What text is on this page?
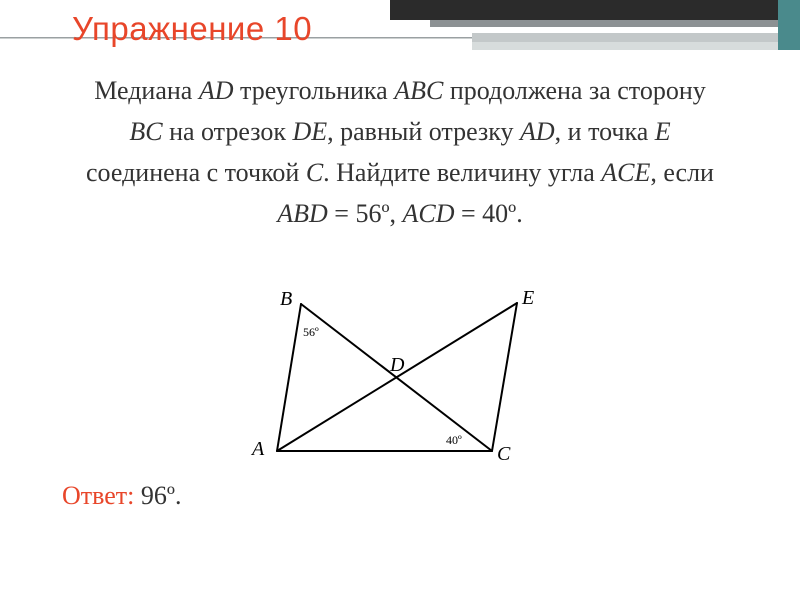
Упражнение 10
Медиана AD треугольника ABC продолжена за сторону
BC на отрезок DE, равный отрезку AD, и точка E
соединена с точкой C. Найдите величину угла ACE, если
ABD = 56º, ACD = 40º.
B	E
D
A	C
56º
40º
Ответ: 96º.
